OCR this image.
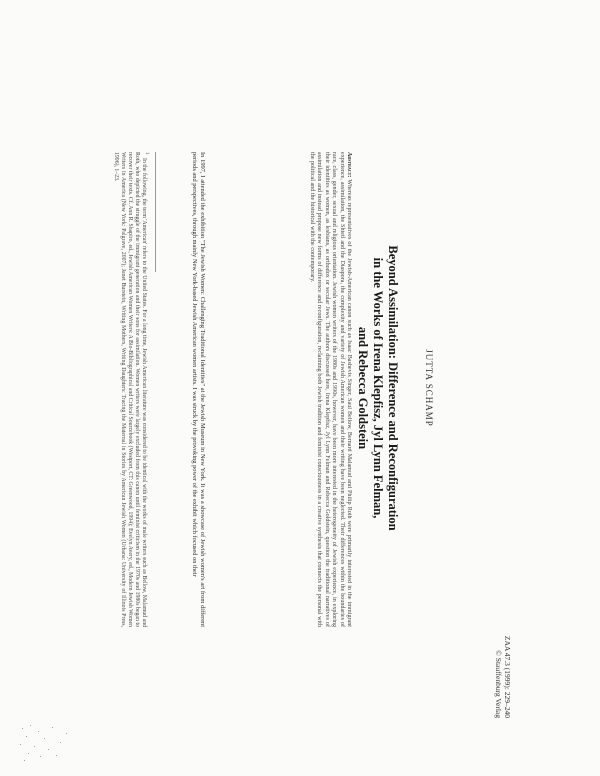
ZAA 47.3 (1999): 229–240
© Stauffenburg Verlag
JUTTA SCHAMP
Beyond Assimilation: Difference and Reconfiguration
in the Works of Irena Klepfisz, Jyl Lynn Felman,
and Rebecca Goldstein
Abstract: Whereas representatives of the Jewish-American canon such as Isaac Bashevis Singer, Saul Bellow, Bernard Malamud and Philip Roth were primarily interested in the immigrant experience, assimilation, the Shtetl and the Diaspora, the complexity and variety of Jewish American women and their writing have been neglected. Their differences within the boundaries of race, class, gender, sexual and religious orientation. Jewish women writers of the 1980s and 1990s, however, have been more interested in the heterogeneity of Jewish experience, in exploring their identities as women, as lesbians, as orthodox or secular Jews. The authors discussed here, Irena Klepfisz, Jyl Lynn Felman and Rebecca Goldstein, question the traditional narratives of assimilation and instead propose new forms of difference and reconfiguration, reclaiming both Jewish tradition and feminist consciousness in a creative synthesis that connects the personal with the political and the historical with the contemporary.
In 1997, I attended the exhibition "The Jewish Women: Challenging Traditional Identities" at the Jewish Museum in New York. It was a showcase of Jewish women's art from different periods and perspectives, through mainly New York-based Jewish American women artists. I was struck by the provoking power of the exhibit which focused on their
1 In the following, the term 'American' refers to the United States. For a long time, Jewish American literature was considered to be identical with the works of male writers such as Bellow, Malamud and Roth, who depicted the struggle of the immigrant generation and their sons for assimilation. Women writers were largely excluded from this canon until feminist criticism in the 1970s and 1980s began to recover their texts. Cf. Ann R. Shapiro, ed., Jewish American Women Writers: A Bio-Bibliographical and Critical Sourcebook (Westport, CT: Greenwood, 1994); Evelyn Avery, ed., Modern Jewish Women Writers in America (New York: Palgrave, 2007); Janet Burstein, Writing Mothers, Writing Daughters: Tracing the Maternal in Stories by American Jewish Women (Urbana: University of Illinois Press, 1996), 1–23.
